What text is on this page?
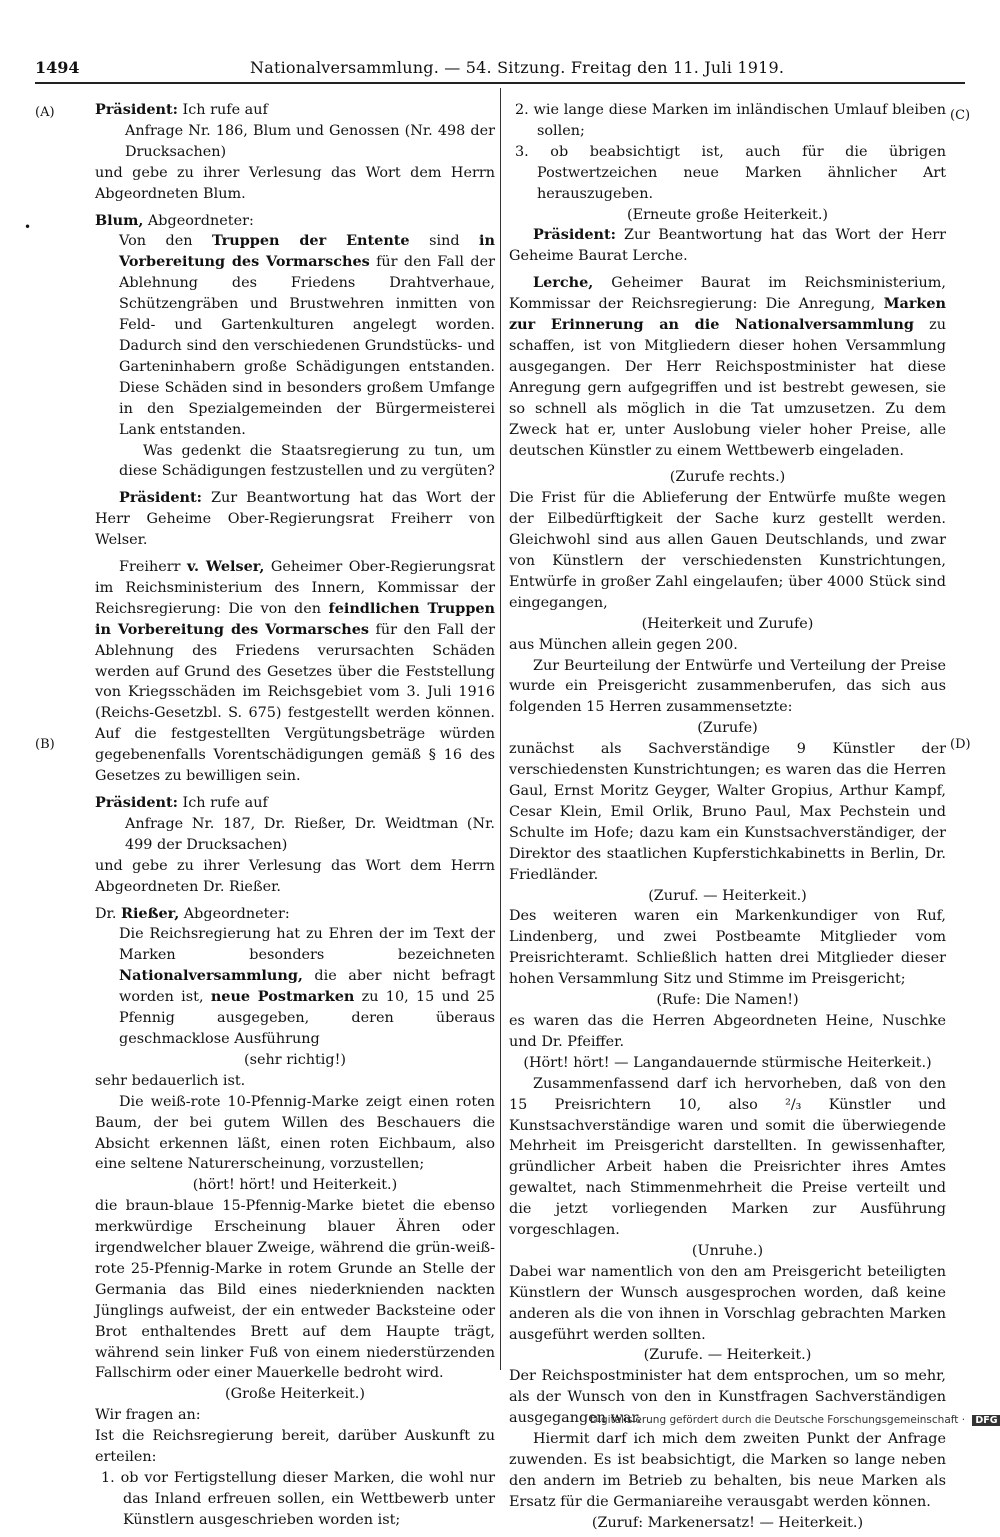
1494	Nationalversammlung. — 54. Sitzung. Freitag den 11. Juli 1919.
(A)
(B)
(C)
(D)
•

Präsident: Ich rufe auf
Anfrage Nr. 186, Blum und Genossen (Nr. 498 der Drucksachen)
und gebe zu ihrer Verlesung das Wort dem Herrn Abgeordneten Blum.

Blum, Abgeordneter:

Von den Truppen der Entente sind in Vorbereitung des Vormarsches für den Fall der Ablehnung des Friedens Drahtverhaue, Schützengräben und Brustwehren inmitten von Feld- und Gartenkulturen angelegt worden. Dadurch sind den verschiedenen Grundstücks- und Garteninhabern große Schädigungen entstanden. Diese Schäden sind in besonders großem Umfange in den Spezialgemeinden der Bürgermeisterei Lank entstanden.
Was gedenkt die Staatsregierung zu tun, um diese Schädigungen festzustellen und zu vergüten?

Präsident: Zur Beantwortung hat das Wort der Herr Geheime Ober-Regierungsrat Freiherr von Welser.

Freiherr v. Welser, Geheimer Ober-Regierungsrat im Reichsministerium des Innern, Kommissar der Reichsregierung: Die von den feindlichen Truppen in Vorbereitung des Vormarsches für den Fall der Ablehnung des Friedens verursachten Schäden werden auf Grund des Gesetzes über die Feststellung von Kriegsschäden im Reichsgebiet vom 3. Juli 1916 (Reichs-Gesetzbl. S. 675) festgestellt werden können. Auf die festgestellten Vergütungsbeträge würden gegebenenfalls Vorentschädigungen gemäß § 16 des Gesetzes zu bewilligen sein.

Präsident: Ich rufe auf
Anfrage Nr. 187, Dr. Rießer, Dr. Weidtman (Nr. 499 der Drucksachen)
und gebe zu ihrer Verlesung das Wort dem Herrn Abgeordneten Dr. Rießer.

Dr. Rießer, Abgeordneter:
Die Reichsregierung hat zu Ehren der im Text der Marken besonders bezeichneten Nationalversammlung, die aber nicht befragt worden ist, neue Postmarken zu 10, 15 und 25 Pfennig ausgegeben, deren überaus geschmacklose Ausführung
(sehr richtig!)
sehr bedauerlich ist.
Die weiß-rote 10-Pfennig-Marke zeigt einen roten Baum, der bei gutem Willen des Beschauers die Absicht erkennen läßt, einen roten Eichbaum, also eine seltene Naturerscheinung, vorzustellen;
(hört! hört! und Heiterkeit.)
die braun-blaue 15-Pfennig-Marke bietet die ebenso merkwürdige Erscheinung blauer Ähren oder irgendwelcher blauer Zweige, während die grün-weiß-rote 25-Pfennig-Marke in rotem Grunde an Stelle der Germania das Bild eines niederknienden nackten Jünglings aufweist, der ein entweder Backsteine oder Brot enthaltendes Brett auf dem Haupte trägt, während sein linker Fuß von einem niederstürzenden Fallschirm oder einer Mauerkelle bedroht wird.
(Große Heiterkeit.)
Wir fragen an:
Ist die Reichsregierung bereit, darüber Auskunft zu erteilen:
1. ob vor Fertigstellung dieser Marken, die wohl nur das Inland erfreuen sollen, ein Wettbewerb unter Künstlern ausgeschrieben worden ist;

2. wie lange diese Marken im inländischen Umlauf bleiben sollen;

3. ob beabsichtigt ist, auch für die übrigen Postwertzeichen neue Marken ähnlicher Art herauszugeben.

(Erneute große Heiterkeit.)

Präsident: Zur Beantwortung hat das Wort der Herr Geheime Baurat Lerche.

Lerche, Geheimer Baurat im Reichsministerium, Kommissar der Reichsregierung: Die Anregung, Marken zur Erinnerung an die Nationalversammlung zu schaffen, ist von Mitgliedern dieser hohen Versammlung ausgegangen. Der Herr Reichspostminister hat diese Anregung gern aufgegriffen und ist bestrebt gewesen, sie so schnell als möglich in die Tat umzusetzen. Zu dem Zweck hat er, unter Auslobung vieler hoher Preise, alle deutschen Künstler zu einem Wettbewerb eingeladen.

(Zurufe rechts.)

Die Frist für die Ablieferung der Entwürfe mußte wegen der Eilbedürftigkeit der Sache kurz gestellt werden. Gleichwohl sind aus allen Gauen Deutschlands, und zwar von Künstlern der verschiedensten Kunstrichtungen, Entwürfe in großer Zahl eingelaufen; über 4000 Stück sind eingegangen,

(Heiterkeit und Zurufe)

aus München allein gegen 200.

Zur Beurteilung der Entwürfe und Verteilung der Preise wurde ein Preisgericht zusammenberufen, das sich aus folgenden 15 Herren zusammensetzte:

(Zurufe)

zunächst als Sachverständige 9 Künstler der verschiedensten Kunstrichtungen; es waren das die Herren Gaul, Ernst Moritz Geyger, Walter Gropius, Arthur Kampf, Cesar Klein, Emil Orlik, Bruno Paul, Max Pechstein und Schulte im Hofe; dazu kam ein Kunstsachverständiger, der Direktor des staatlichen Kupferstichkabinetts in Berlin, Dr. Friedländer.

(Zuruf. — Heiterkeit.)

Des weiteren waren ein Markenkundiger von Ruf, Lindenberg, und zwei Postbeamte Mitglieder vom Preisrichteramt. Schließlich hatten drei Mitglieder dieser hohen Versammlung Sitz und Stimme im Preisgericht;

(Rufe: Die Namen!)

es waren das die Herren Abgeordneten Heine, Nuschke und Dr. Pfeiffer.

(Hört! hört! — Langandauernde stürmische Heiterkeit.)

Zusammenfassend darf ich hervorheben, daß von den 15 Preisrichtern 10, also ²/₃ Künstler und Kunstsachverständige waren und somit die überwiegende Mehrheit im Preisgericht darstellten. In gewissenhafter, gründlicher Arbeit haben die Preisrichter ihres Amtes gewaltet, nach Stimmenmehrheit die Preise verteilt und die jetzt vorliegenden Marken zur Ausführung vorgeschlagen.

(Unruhe.)

Dabei war namentlich von den am Preisgericht beteiligten Künstlern der Wunsch ausgesprochen worden, daß keine anderen als die von ihnen in Vorschlag gebrachten Marken ausgeführt werden sollten.

(Zurufe. — Heiterkeit.)

Der Reichspostminister hat dem entsprochen, um so mehr, als der Wunsch von den in Kunstfragen Sachverständigen ausgegangen war.

Hiermit darf ich mich dem zweiten Punkt der Anfrage zuwenden. Es ist beabsichtigt, die Marken so lange neben den andern im Betrieb zu behalten, bis neue Marken als Ersatz für die Germaniareihe verausgabt werden können.

(Zuruf: Markenersatz! — Heiterkeit.)

Digitalisierung gefördert durch die Deutsche Forschungsgemeinschaft · DFG
